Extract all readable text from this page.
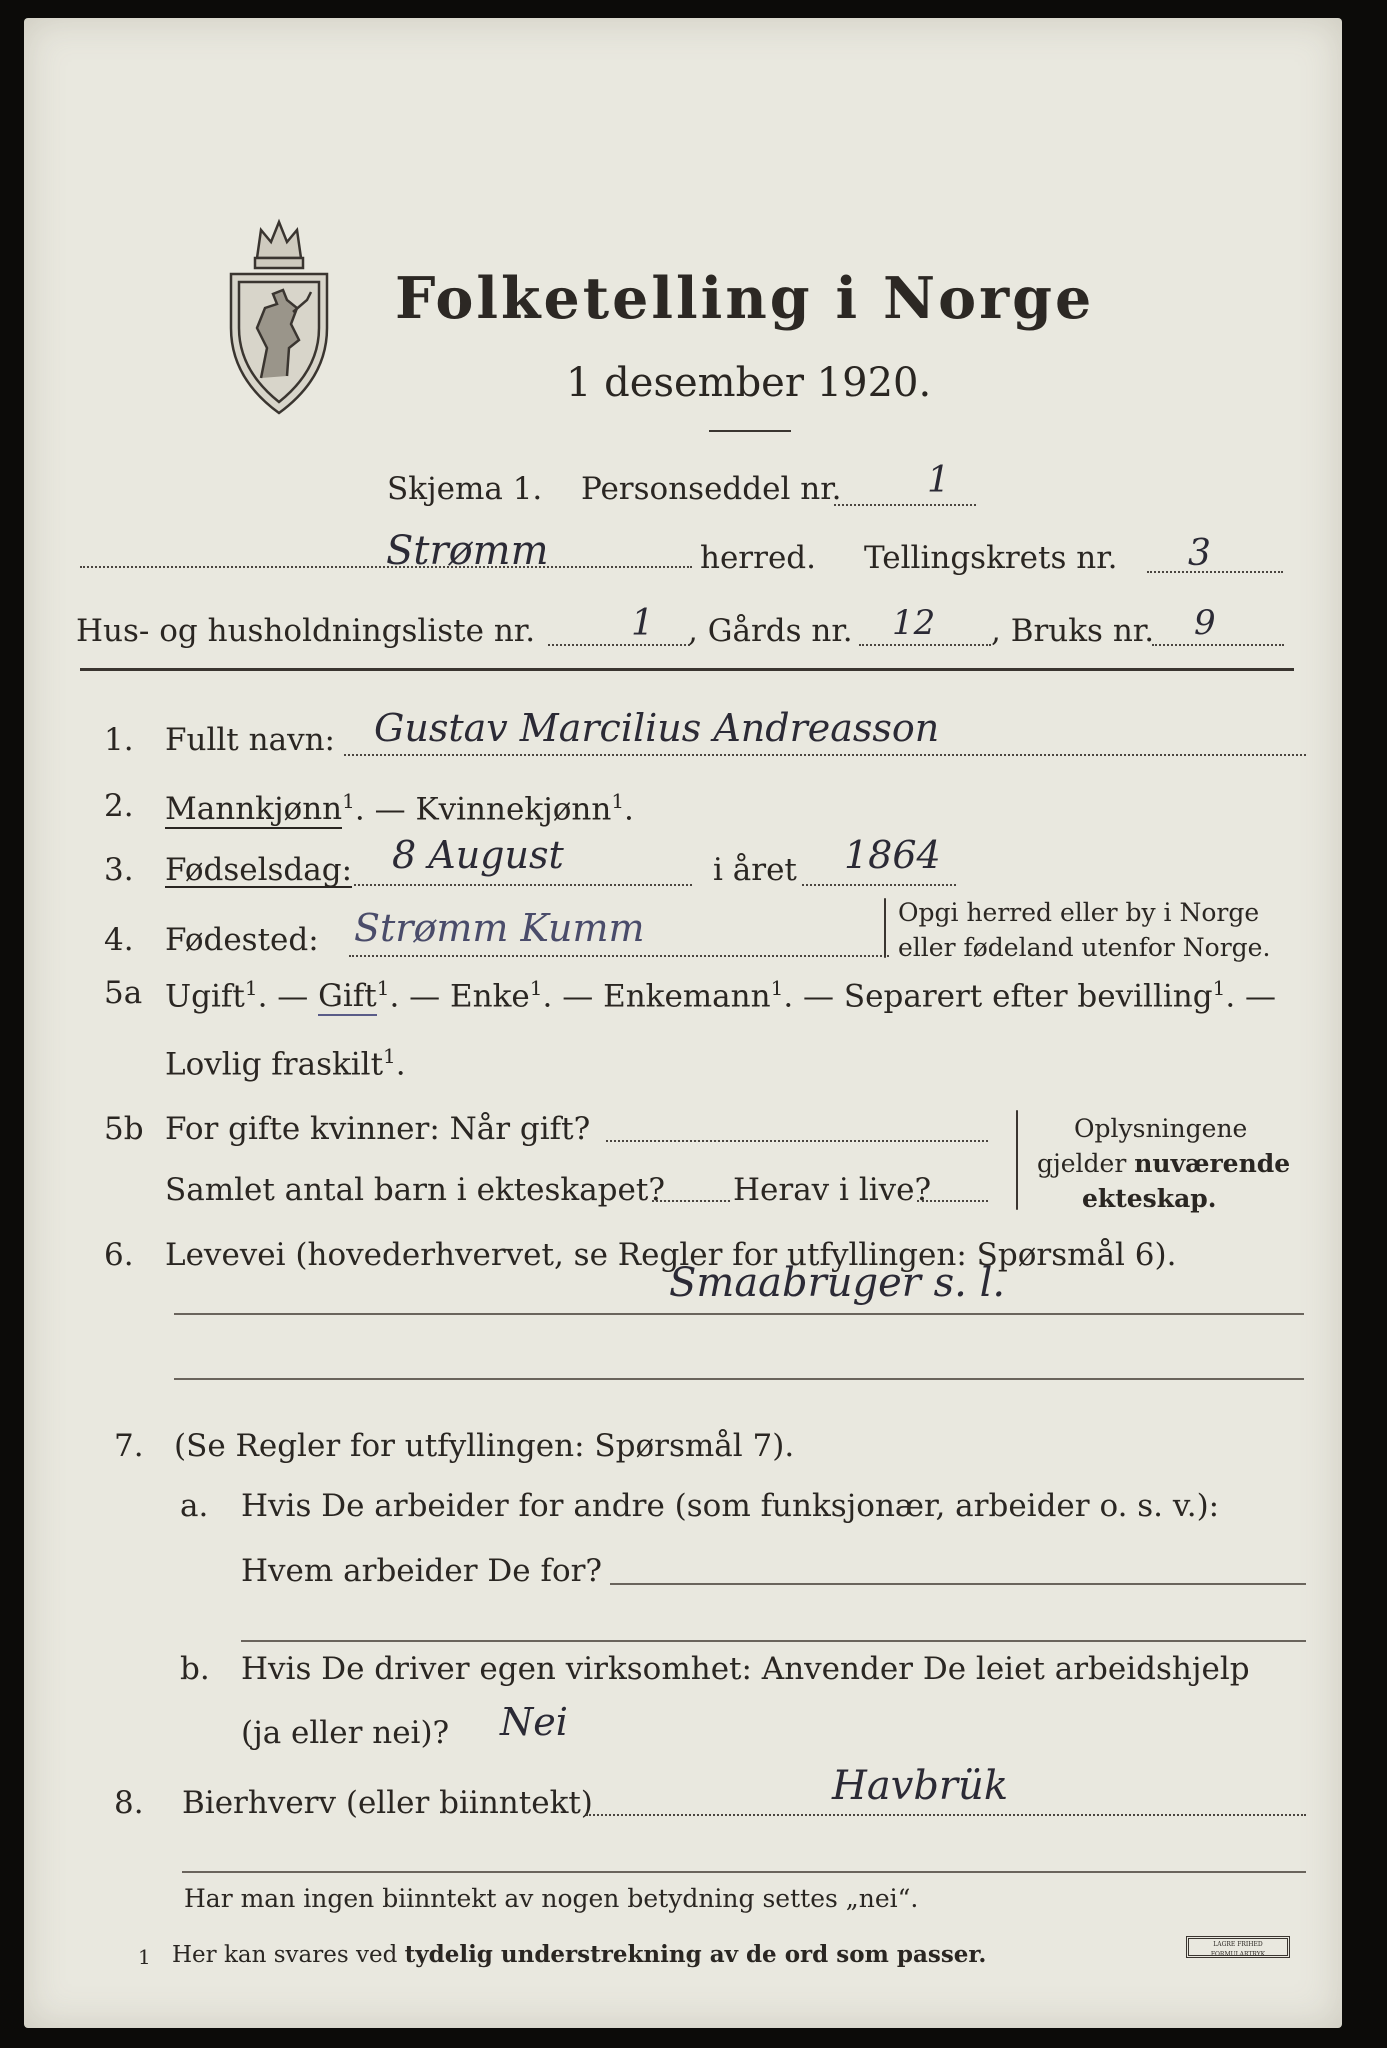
Folketelling i Norge
1 desember 1920.
Skjema 1. Personseddel nr. 1
Strømm	herred. Tellingskrets nr. 3
Hus- og husholdningsliste nr.	1 , Gårds nr. 12 , Bruks nr. 9
1. Fullt navn: Gustav Marcilius Andreasson
2. Mannkjønn$^1$. — Kvinnekjønn$^1$.
3. Fødselsdag: 8 August	i året 1864
4. Fødested: Strømm Kumm	Opgi herred eller by i Norge
eller fødeland utenfor Norge.
5a Ugift$^1$. — Gift$^1$. — Enke$^1$. — Enkemann$^1$. — Separert efter bevilling$^1$. —
Lovlig fraskilt$^1$.
5b For gifte kvinner: Når gift?
Samlet antal barn i ekteskapet? Herav i live?
Oplysningene
gjelder nuværende
ekteskap.
6. Levevei (hovederhvervet, se Regler for utfyllingen: Spørsmål 6).
Smaabruger s. l.
7. (Se Regler for utfyllingen: Spørsmål 7).
a. Hvis De arbeider for andre (som funksjonær, arbeider o. s. v.):
Hvem arbeider De for?
b. Hvis De driver egen virksomhet: Anvender De leiet arbeidshjelp
(ja eller nei)? Nei
8. Bierhverv (eller biinntekt)	Havbrük
Har man ingen biinntekt av nogen betydning settes „nei“.
1 Her kan svares ved tydelig understrekning av de ord som passer.	LAGRE FRIHED FORMULARTRYK
